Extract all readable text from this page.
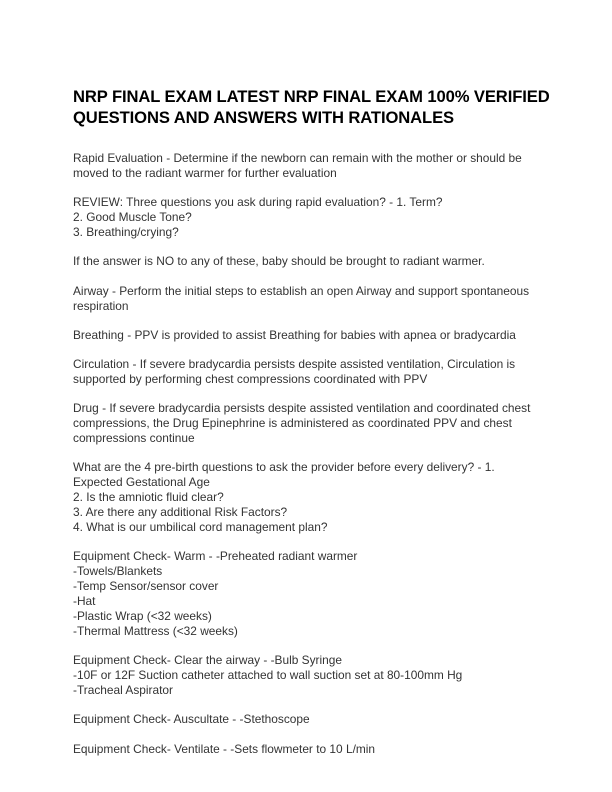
NRP FINAL EXAM LATEST NRP FINAL EXAM 100% VERIFIED
QUESTIONS AND ANSWERS WITH RATIONALES

Rapid Evaluation - Determine if the newborn can remain with the mother or should be
moved to the radiant warmer for further evaluation

REVIEW: Three questions you ask during rapid evaluation? - 1. Term?
2. Good Muscle Tone?
3. Breathing/crying?

If the answer is NO to any of these, baby should be brought to radiant warmer.

Airway - Perform the initial steps to establish an open Airway and support spontaneous
respiration

Breathing - PPV is provided to assist Breathing for babies with apnea or bradycardia

Circulation - If severe bradycardia persists despite assisted ventilation, Circulation is
supported by performing chest compressions coordinated with PPV

Drug - If severe bradycardia persists despite assisted ventilation and coordinated chest
compressions, the Drug Epinephrine is administered as coordinated PPV and chest
compressions continue

What are the 4 pre-birth questions to ask the provider before every delivery? - 1.
Expected Gestational Age
2. Is the amniotic fluid clear?
3. Are there any additional Risk Factors?
4. What is our umbilical cord management plan?

Equipment Check- Warm - -Preheated radiant warmer
-Towels/Blankets
-Temp Sensor/sensor cover
-Hat
-Plastic Wrap (<32 weeks)
-Thermal Mattress (<32 weeks)

Equipment Check- Clear the airway - -Bulb Syringe
-10F or 12F Suction catheter attached to wall suction set at 80-100mm Hg
-Tracheal Aspirator

Equipment Check- Auscultate - -Stethoscope

Equipment Check- Ventilate - -Sets flowmeter to 10 L/min
